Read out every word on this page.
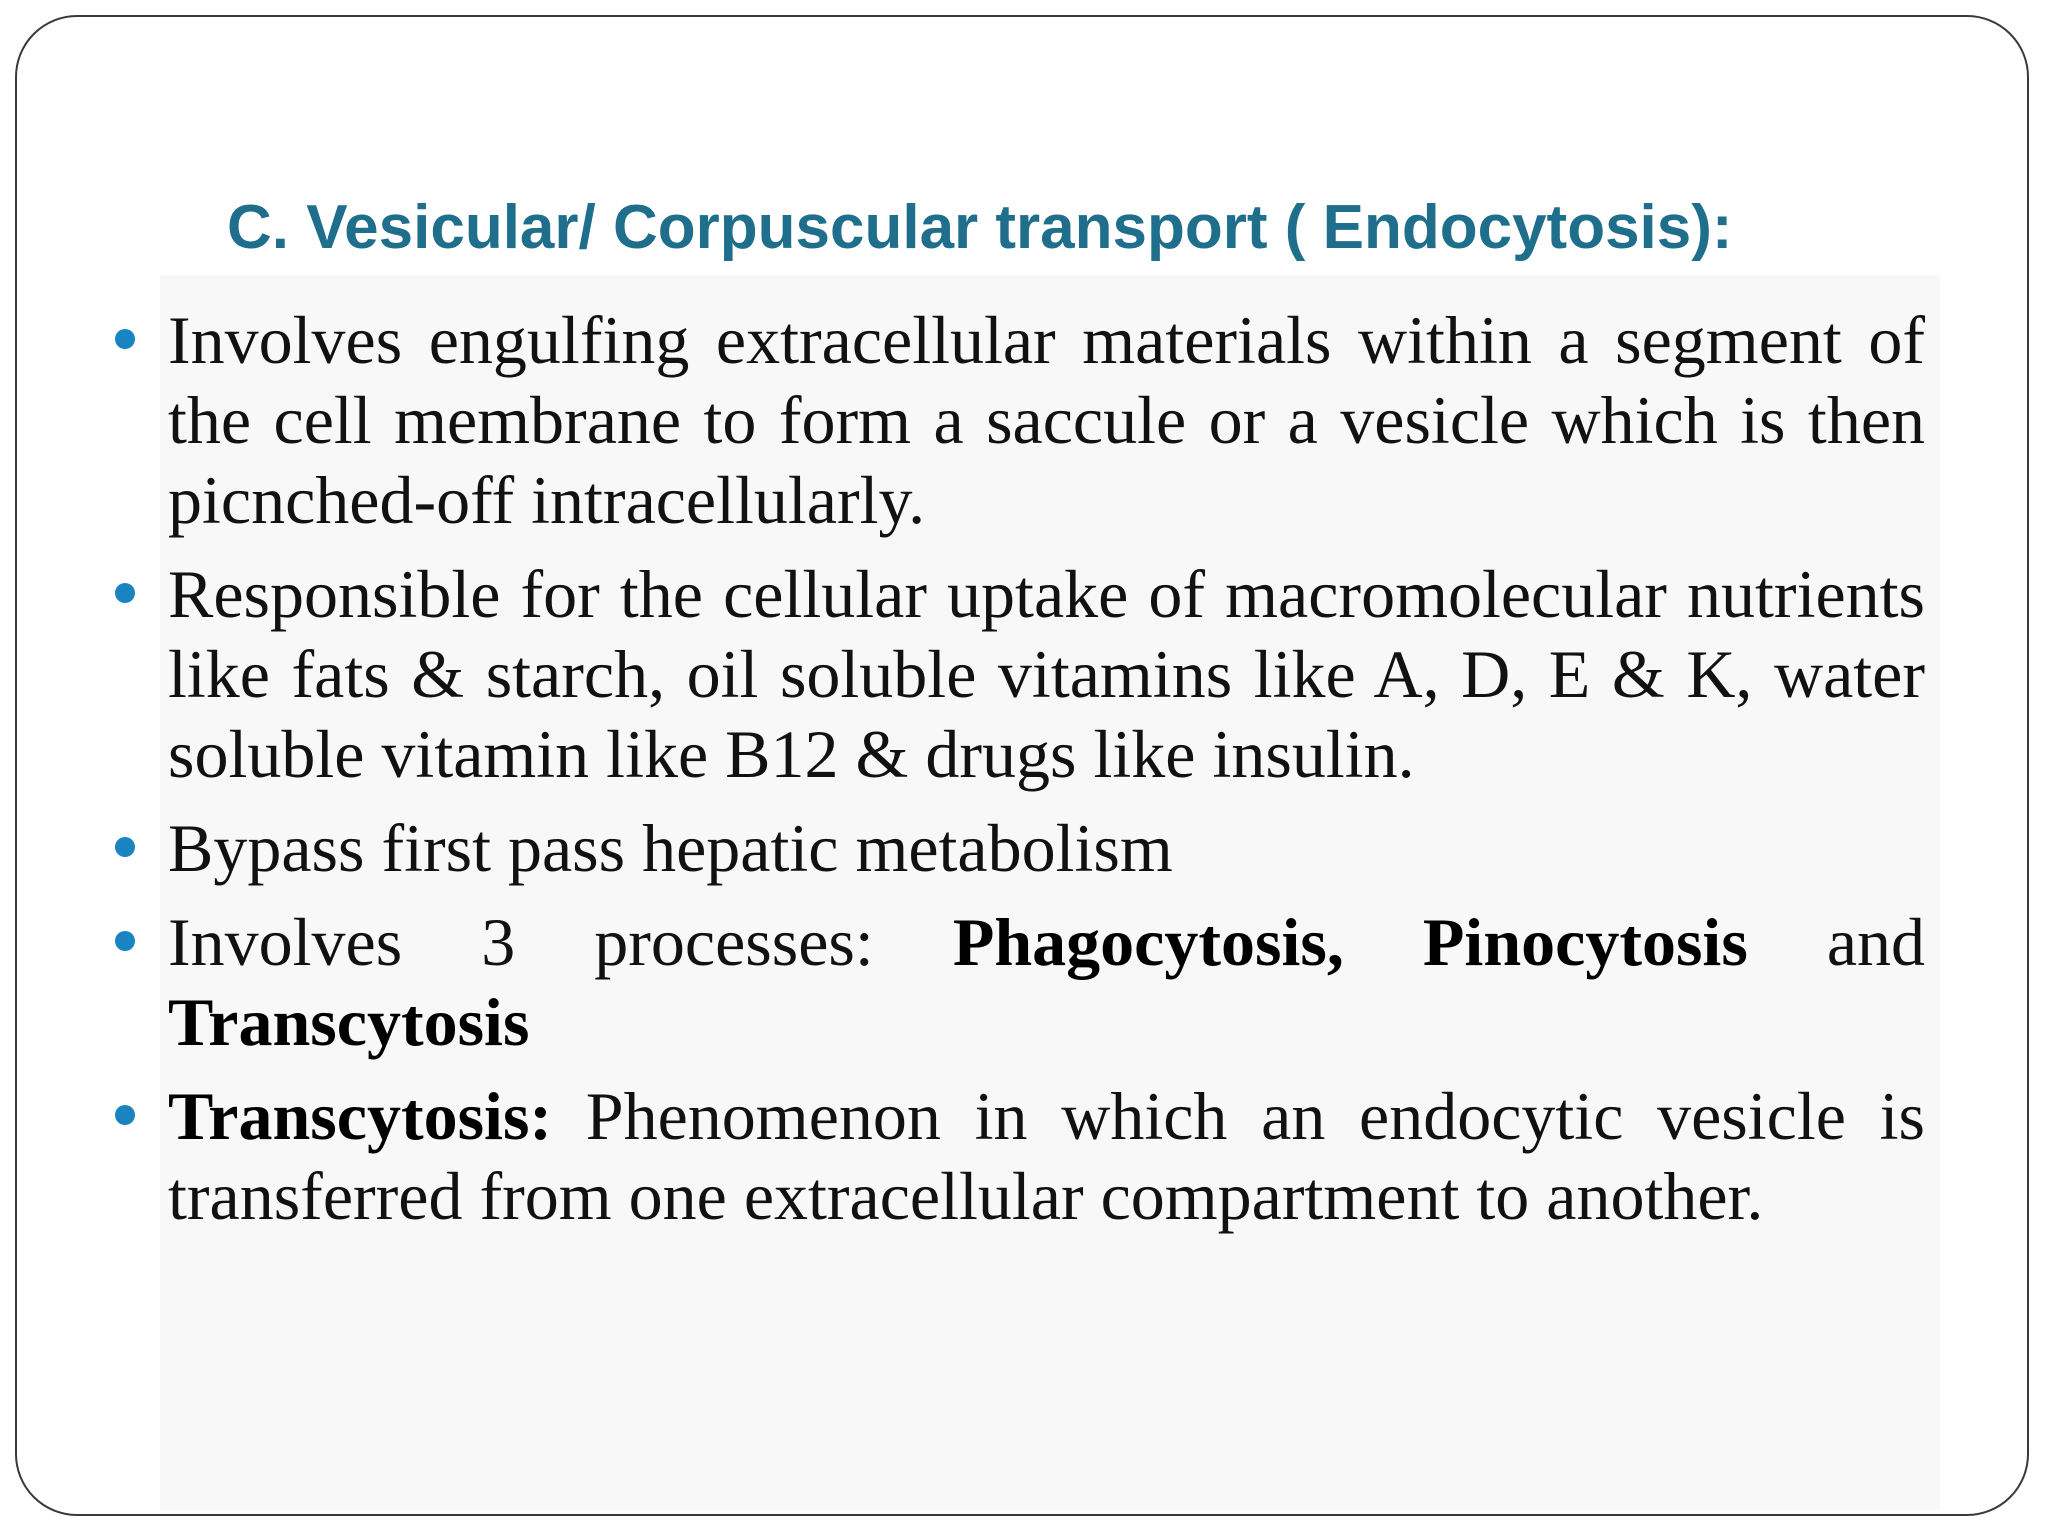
C. Vesicular/ Corpuscular transport ( Endocytosis):
Involves engulfing extracellular materials within a segment of the cell membrane to form a saccule or a vesicle which is then picnched-off intracellularly.
Responsible for the cellular uptake of macromolecular nutrients like fats & starch, oil soluble vitamins like A, D, E & K, water soluble vitamin like B12 & drugs like insulin.
Bypass first pass hepatic metabolism
Involves 3 processes: Phagocytosis, Pinocytosis and Transcytosis
Transcytosis: Phenomenon in which an endocytic vesicle is transferred from one extracellular compartment to another.
